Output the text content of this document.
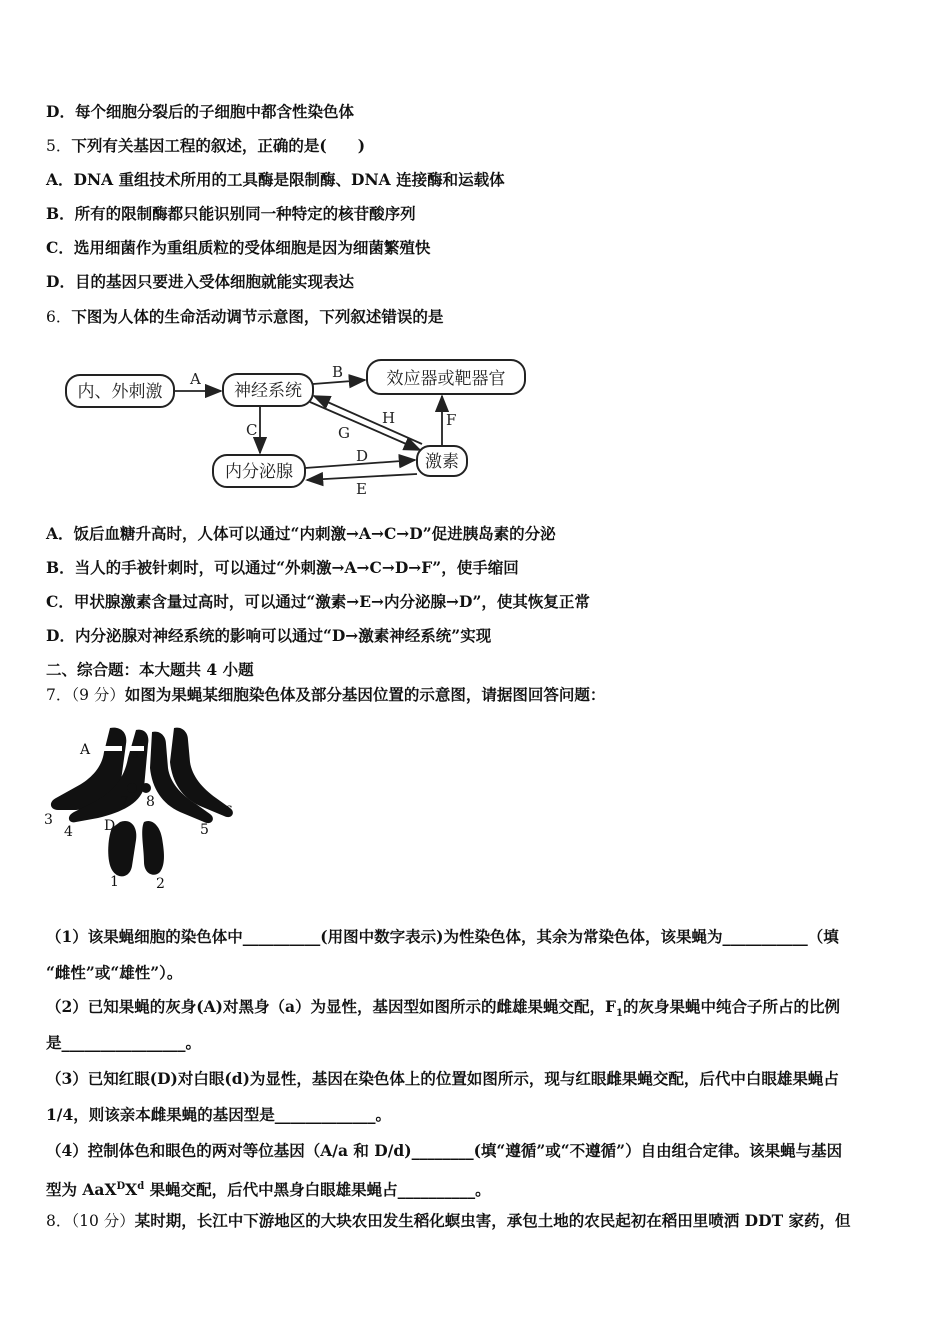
D．每个细胞分裂后的子细胞中都含性染色体
5．下列有关基因工程的叙述，正确的是(　　)
A．DNA 重组技术所用的工具酶是限制酶、DNA 连接酶和运载体
B．所有的限制酶都只能识别同一种特定的核苷酸序列
C．选用细菌作为重组质粒的受体细胞是因为细菌繁殖快
D．目的基因只要进入受体细胞就能实现表达
6．下图为人体的生命活动调节示意图，下列叙述错误的是
内、外刺激	神经系统
效应器或靶器官
内分泌腺	激素
A	B
C
D
E
F
G
H
A．饭后血糖升高时，人体可以通过“内刺激→A→C→D”促进胰岛素的分泌
B．当人的手被针刺时，可以通过“外刺激→A→C→D→F”，使手缩回
C．甲状腺激素含量过高时，可以通过“激素→E→内分泌腺→D”，使其恢复正常
D．内分泌腺对神经系统的影响可以通过“D→激素神经系统”实现
二、综合题：本大题共 4 小题
7．（9 分）如图为果蝇某细胞染色体及部分基因位置的示意图，请据图回答问题：
A	a
D
1	2
3
4	5
6
7 8
（1）该果蝇细胞的染色体中__________(用图中数字表示)为性染色体，其余为常染色体，该果蝇为___________（填
“雌性”或“雄性”）。
（2）已知果蝇的灰身(A)对黑身（a）为显性，基因型如图所示的雌雄果蝇交配，$F_1$的灰身果蝇中纯合子所占的比例
是________________。
（3）已知红眼(D)对白眼(d)为显性，基因在染色体上的位置如图所示，现与红眼雌果蝇交配，后代中白眼雄果蝇占
1/4，则该亲本雌果蝇的基因型是_____________。
（4）控制体色和眼色的两对等位基因（A/a 和 D/d)________(填“遵循”或“不遵循”）自由组合定律。该果蝇与基因
型为 $AaX^DX^d$ 果蝇交配，后代中黑身白眼雄果蝇占__________。
8．（10 分）某时期，长江中下游地区的大块农田发生稻化螟虫害，承包土地的农民起初在稻田里喷洒 DDT 家药，但
